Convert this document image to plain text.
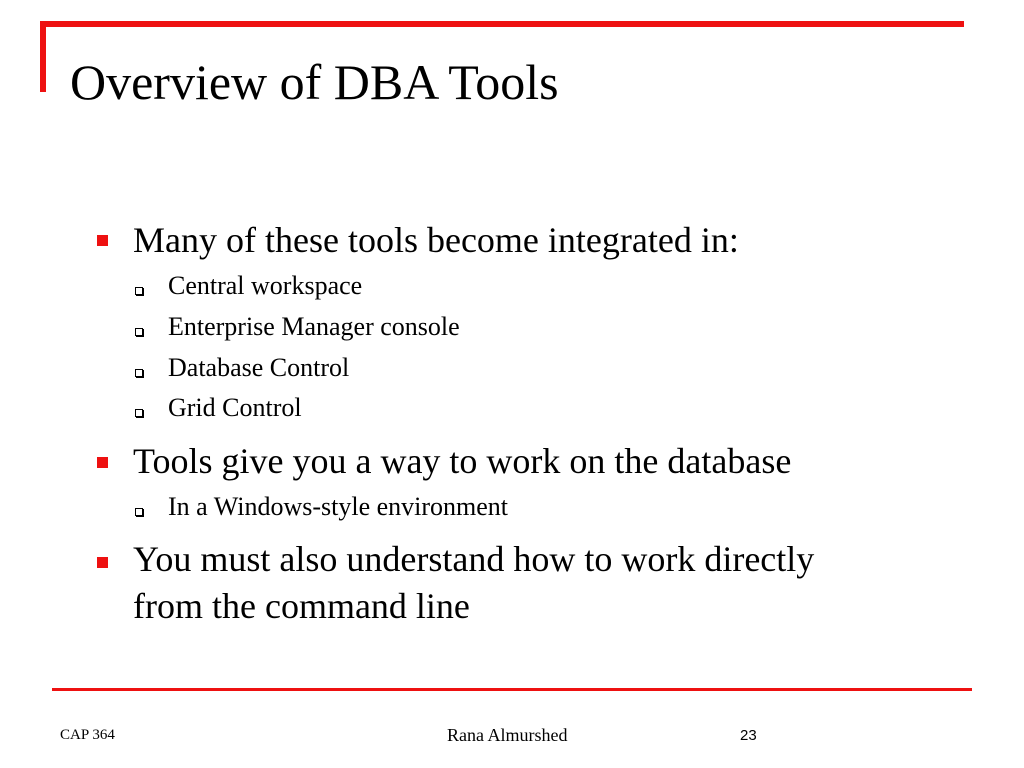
Overview of DBA Tools
Many of these tools become integrated in:
Central workspace
Enterprise Manager console
Database Control
Grid Control
Tools give you a way to work on the database
In a Windows-style environment
You must also understand how to work directly
from the command line
CAP 364	Rana Almurshed	23
